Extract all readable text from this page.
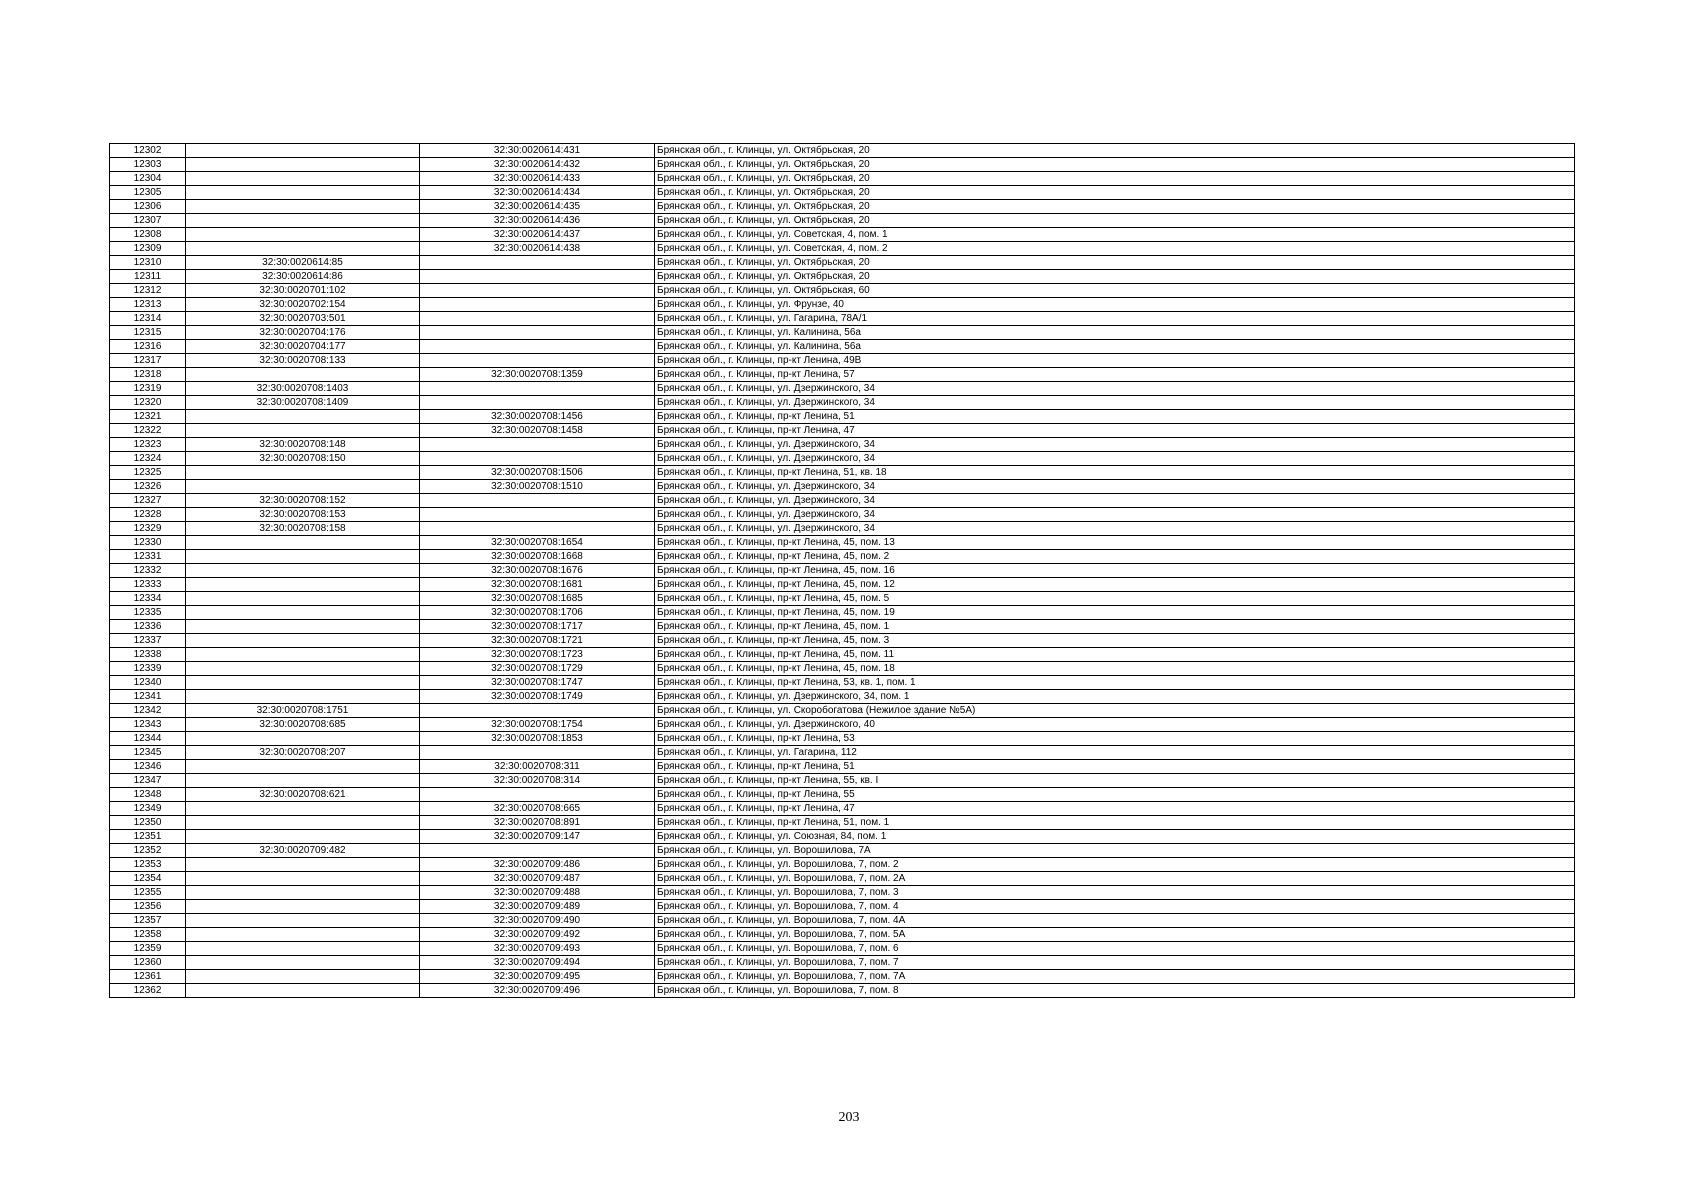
12302		32:30:0020614:431	Брянская обл., г. Клинцы, ул. Октябрьская, 20
12303		32:30:0020614:432	Брянская обл., г. Клинцы, ул. Октябрьская, 20
12304		32:30:0020614:433	Брянская обл., г. Клинцы, ул. Октябрьская, 20
12305		32:30:0020614:434	Брянская обл., г. Клинцы, ул. Октябрьская, 20
12306		32:30:0020614:435	Брянская обл., г. Клинцы, ул. Октябрьская, 20
12307		32:30:0020614:436	Брянская обл., г. Клинцы, ул. Октябрьская, 20
12308		32:30:0020614:437	Брянская обл., г. Клинцы, ул. Советская, 4, пом. 1
12309		32:30:0020614:438	Брянская обл., г. Клинцы, ул. Советская, 4, пом. 2
12310	32:30:0020614:85		Брянская обл., г. Клинцы, ул. Октябрьская, 20
12311	32:30:0020614:86		Брянская обл., г. Клинцы, ул. Октябрьская, 20
12312	32:30:0020701:102		Брянская обл., г. Клинцы, ул. Октябрьская, 60
12313	32:30:0020702:154		Брянская обл., г. Клинцы, ул. Фрунзе, 40
12314	32:30:0020703:501		Брянская обл., г. Клинцы, ул. Гагарина, 78А/1
12315	32:30:0020704:176		Брянская обл., г. Клинцы, ул. Калинина, 56а
12316	32:30:0020704:177		Брянская обл., г. Клинцы, ул. Калинина, 56а
12317	32:30:0020708:133		Брянская обл., г. Клинцы, пр-кт Ленина, 49В
12318		32:30:0020708:1359	Брянская обл., г. Клинцы, пр-кт Ленина, 57
12319	32:30:0020708:1403		Брянская обл., г. Клинцы, ул. Дзержинского, 34
12320	32:30:0020708:1409		Брянская обл., г. Клинцы, ул. Дзержинского, 34
12321		32:30:0020708:1456	Брянская обл., г. Клинцы, пр-кт Ленина, 51
12322		32:30:0020708:1458	Брянская обл., г. Клинцы, пр-кт Ленина, 47
12323	32:30:0020708:148		Брянская обл., г. Клинцы, ул. Дзержинского, 34
12324	32:30:0020708:150		Брянская обл., г. Клинцы, ул. Дзержинского, 34
12325		32:30:0020708:1506	Брянская обл., г. Клинцы, пр-кт Ленина, 51, кв. 18
12326		32:30:0020708:1510	Брянская обл., г. Клинцы, ул. Дзержинского, 34
12327	32:30:0020708:152		Брянская обл., г. Клинцы, ул. Дзержинского, 34
12328	32:30:0020708:153		Брянская обл., г. Клинцы, ул. Дзержинского, 34
12329	32:30:0020708:158		Брянская обл., г. Клинцы, ул. Дзержинского, 34
12330		32:30:0020708:1654	Брянская обл., г. Клинцы, пр-кт Ленина, 45, пом. 13
12331		32:30:0020708:1668	Брянская обл., г. Клинцы, пр-кт Ленина, 45, пом. 2
12332		32:30:0020708:1676	Брянская обл., г. Клинцы, пр-кт Ленина, 45, пом. 16
12333		32:30:0020708:1681	Брянская обл., г. Клинцы, пр-кт Ленина, 45, пом. 12
12334		32:30:0020708:1685	Брянская обл., г. Клинцы, пр-кт Ленина, 45, пом. 5
12335		32:30:0020708:1706	Брянская обл., г. Клинцы, пр-кт Ленина, 45, пом. 19
12336		32:30:0020708:1717	Брянская обл., г. Клинцы, пр-кт Ленина, 45, пом. 1
12337		32:30:0020708:1721	Брянская обл., г. Клинцы, пр-кт Ленина, 45, пом. 3
12338		32:30:0020708:1723	Брянская обл., г. Клинцы, пр-кт Ленина, 45, пом. 11
12339		32:30:0020708:1729	Брянская обл., г. Клинцы, пр-кт Ленина, 45, пом. 18
12340		32:30:0020708:1747	Брянская обл., г. Клинцы, пр-кт Ленина, 53, кв. 1, пом. 1
12341		32:30:0020708:1749	Брянская обл., г. Клинцы, ул. Дзержинского, 34, пом. 1
12342	32:30:0020708:1751		Брянская обл., г. Клинцы, ул. Скоробогатова (Нежилое здание №5А)
12343	32:30:0020708:685	32:30:0020708:1754	Брянская обл., г. Клинцы, ул. Дзержинского, 40
12344		32:30:0020708:1853	Брянская обл., г. Клинцы, пр-кт Ленина, 53
12345	32:30:0020708:207		Брянская обл., г. Клинцы, ул. Гагарина, 112
12346		32:30:0020708:311	Брянская обл., г. Клинцы, пр-кт Ленина, 51
12347		32:30:0020708:314	Брянская обл., г. Клинцы, пр-кт Ленина, 55, кв. I
12348	32:30:0020708:621		Брянская обл., г. Клинцы, пр-кт Ленина, 55
12349		32:30:0020708:665	Брянская обл., г. Клинцы, пр-кт Ленина, 47
12350		32:30:0020708:891	Брянская обл., г. Клинцы, пр-кт Ленина, 51, пом. 1
12351		32:30:0020709:147	Брянская обл., г. Клинцы, ул. Союзная, 84, пом. 1
12352	32:30:0020709:482		Брянская обл., г. Клинцы, ул. Ворошилова, 7А
12353		32:30:0020709:486	Брянская обл., г. Клинцы, ул. Ворошилова, 7, пом. 2
12354		32:30:0020709:487	Брянская обл., г. Клинцы, ул. Ворошилова, 7, пом. 2А
12355		32:30:0020709:488	Брянская обл., г. Клинцы, ул. Ворошилова, 7, пом. 3
12356		32:30:0020709:489	Брянская обл., г. Клинцы, ул. Ворошилова, 7, пом. 4
12357		32:30:0020709:490	Брянская обл., г. Клинцы, ул. Ворошилова, 7, пом. 4А
12358		32:30:0020709:492	Брянская обл., г. Клинцы, ул. Ворошилова, 7, пом. 5А
12359		32:30:0020709:493	Брянская обл., г. Клинцы, ул. Ворошилова, 7, пом. 6
12360		32:30:0020709:494	Брянская обл., г. Клинцы, ул. Ворошилова, 7, пом. 7
12361		32:30:0020709:495	Брянская обл., г. Клинцы, ул. Ворошилова, 7, пом. 7А
12362		32:30:0020709:496	Брянская обл., г. Клинцы, ул. Ворошилова, 7, пом. 8
203
